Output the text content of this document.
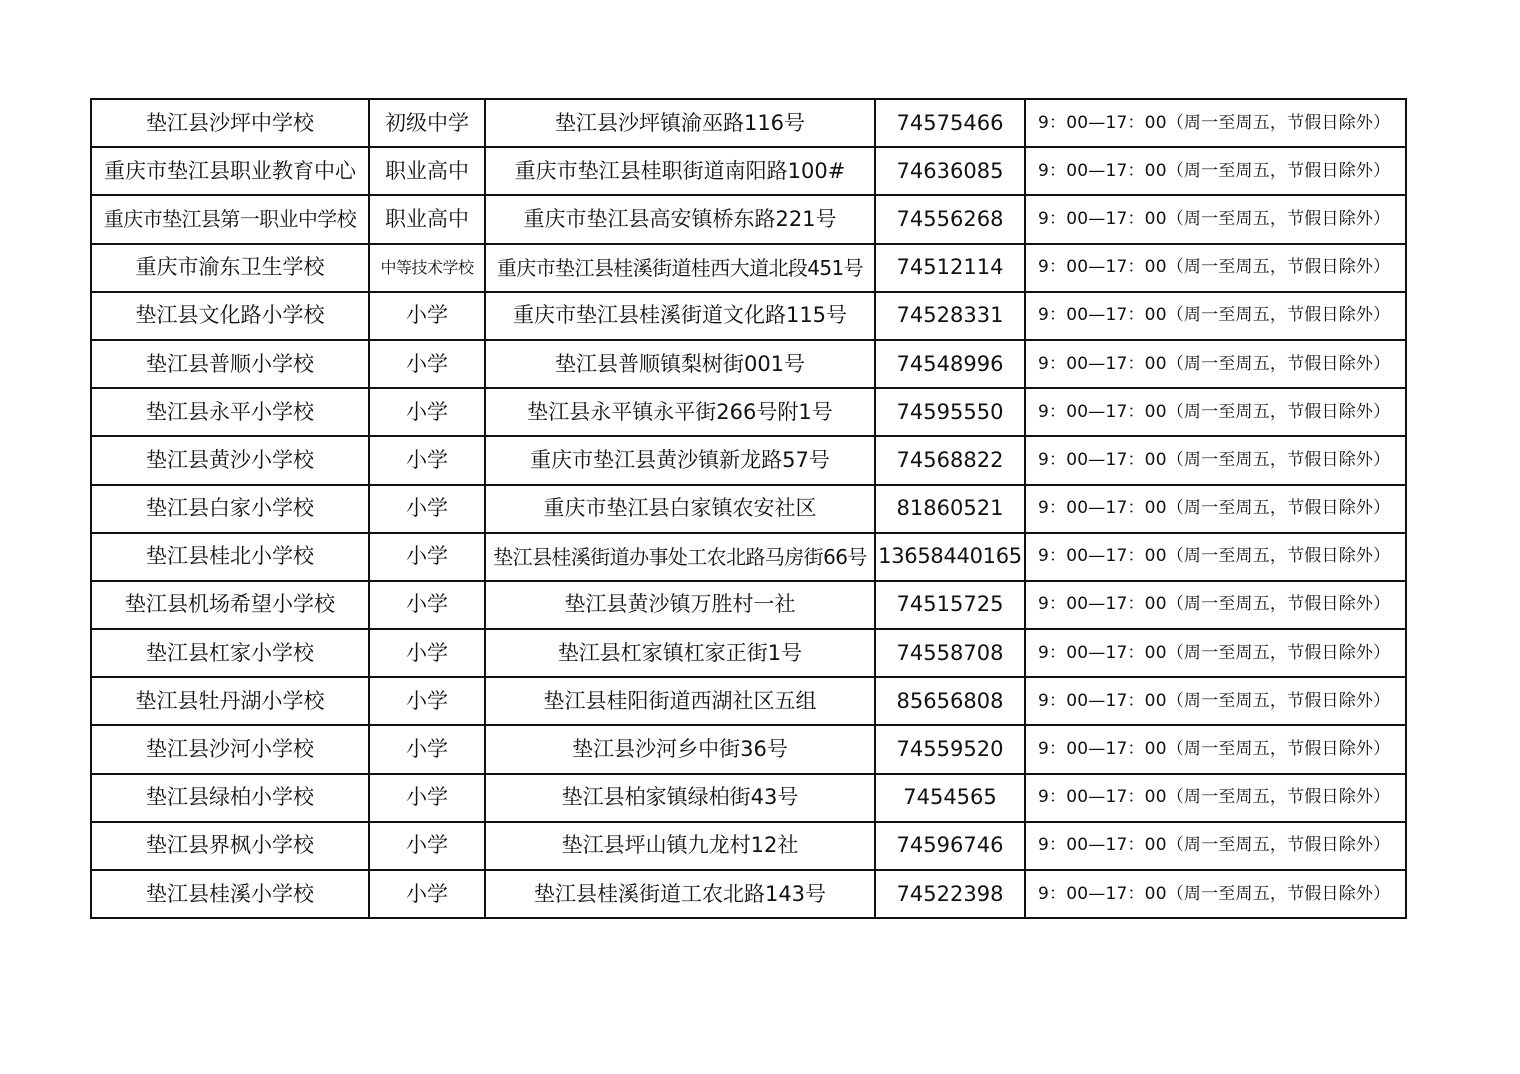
垫江县沙坪中学校	初级中学	垫江县沙坪镇渝巫路116号	74575466	9：00—17：00（周一至周五，节假日除外）
重庆市垫江县职业教育中心	职业高中	重庆市垫江县桂职街道南阳路100#	74636085	9：00—17：00（周一至周五，节假日除外）
重庆市垫江县第一职业中学校	职业高中	重庆市垫江县高安镇桥东路221号	74556268	9：00—17：00（周一至周五，节假日除外）
重庆市渝东卫生学校	中等技术学校	重庆市垫江县桂溪街道桂西大道北段451号	74512114	9：00—17：00（周一至周五，节假日除外）
垫江县文化路小学校	小学	重庆市垫江县桂溪街道文化路115号	74528331	9：00—17：00（周一至周五，节假日除外）
垫江县普顺小学校	小学	垫江县普顺镇梨树街001号	74548996	9：00—17：00（周一至周五，节假日除外）
垫江县永平小学校	小学	垫江县永平镇永平街266号附1号	74595550	9：00—17：00（周一至周五，节假日除外）
垫江县黄沙小学校	小学	重庆市垫江县黄沙镇新龙路57号	74568822	9：00—17：00（周一至周五，节假日除外）
垫江县白家小学校	小学	重庆市垫江县白家镇农安社区	81860521	9：00—17：00（周一至周五，节假日除外）
垫江县桂北小学校	小学	垫江县桂溪街道办事处工农北路马房街66号	13658440165	9：00—17：00（周一至周五，节假日除外）
垫江县机场希望小学校	小学	垫江县黄沙镇万胜村一社	74515725	9：00—17：00（周一至周五，节假日除外）
垫江县杠家小学校	小学	垫江县杠家镇杠家正街1号	74558708	9：00—17：00（周一至周五，节假日除外）
垫江县牡丹湖小学校	小学	垫江县桂阳街道西湖社区五组	85656808	9：00—17：00（周一至周五，节假日除外）
垫江县沙河小学校	小学	垫江县沙河乡中街36号	74559520	9：00—17：00（周一至周五，节假日除外）
垫江县绿柏小学校	小学	垫江县柏家镇绿柏街43号	7454565	9：00—17：00（周一至周五，节假日除外）
垫江县界枫小学校	小学	垫江县坪山镇九龙村12社	74596746	9：00—17：00（周一至周五，节假日除外）
垫江县桂溪小学校	小学	垫江县桂溪街道工农北路143号	74522398	9：00—17：00（周一至周五，节假日除外）
